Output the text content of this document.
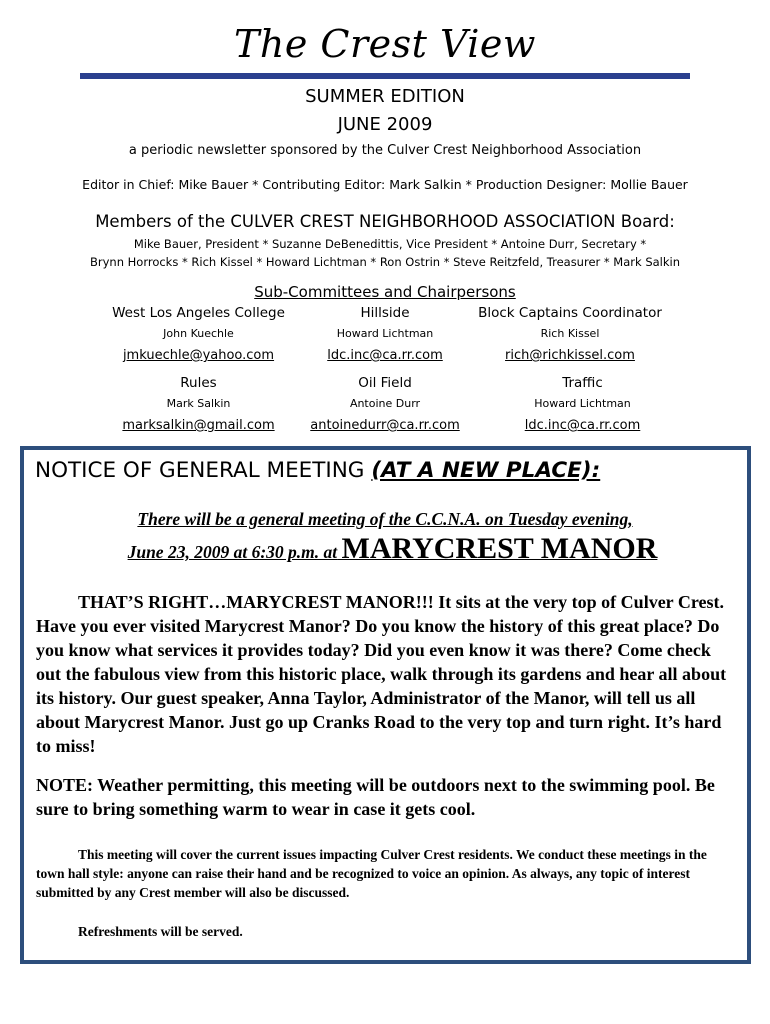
The Crest View
SUMMER EDITION
JUNE 2009
a periodic newsletter sponsored by the Culver Crest Neighborhood Association
Editor in Chief: Mike Bauer * Contributing Editor: Mark Salkin * Production Designer: Mollie Bauer
Members of the CULVER CREST NEIGHBORHOOD ASSOCIATION Board:
Mike Bauer, President * Suzanne DeBenedittis, Vice President * Antoine Durr, Secretary *
Brynn Horrocks * Rich Kissel * Howard Lichtman * Ron Ostrin * Steve Reitzfeld, Treasurer * Mark Salkin
Sub-Committees and Chairpersons
West Los Angeles College
John Kuechle
jmkuechle@yahoo.com
Hillside
Howard Lichtman
ldc.inc@ca.rr.com
Block Captains Coordinator
Rich Kissel
rich@richkissel.com
Rules
Mark Salkin
marksalkin@gmail.com
Oil Field
Antoine Durr
antoinedurr@ca.rr.com
Traffic
Howard Lichtman
ldc.inc@ca.rr.com
NOTICE OF GENERAL MEETING (AT A NEW PLACE):
There will be a general meeting of the C.C.N.A. on Tuesday evening,
June 23, 2009 at 6:30 p.m. at MARYCREST MANOR
THAT’S RIGHT…MARYCREST MANOR!!! It sits at the very top of Culver Crest. Have you ever visited Marycrest Manor? Do you know the history of this great place? Do you know what services it provides today? Did you even know it was there? Come check out the fabulous view from this historic place, walk through its gardens and hear all about its history. Our guest speaker, Anna Taylor, Administrator of the Manor, will tell us all about Marycrest Manor. Just go up Cranks Road to the very top and turn right. It’s hard to miss!
NOTE: Weather permitting, this meeting will be outdoors next to the swimming pool. Be sure to bring something warm to wear in case it gets cool.
This meeting will cover the current issues impacting Culver Crest residents. We conduct these meetings in the town hall style: anyone can raise their hand and be recognized to voice an opinion. As always, any topic of interest submitted by any Crest member will also be discussed.
Refreshments will be served.
